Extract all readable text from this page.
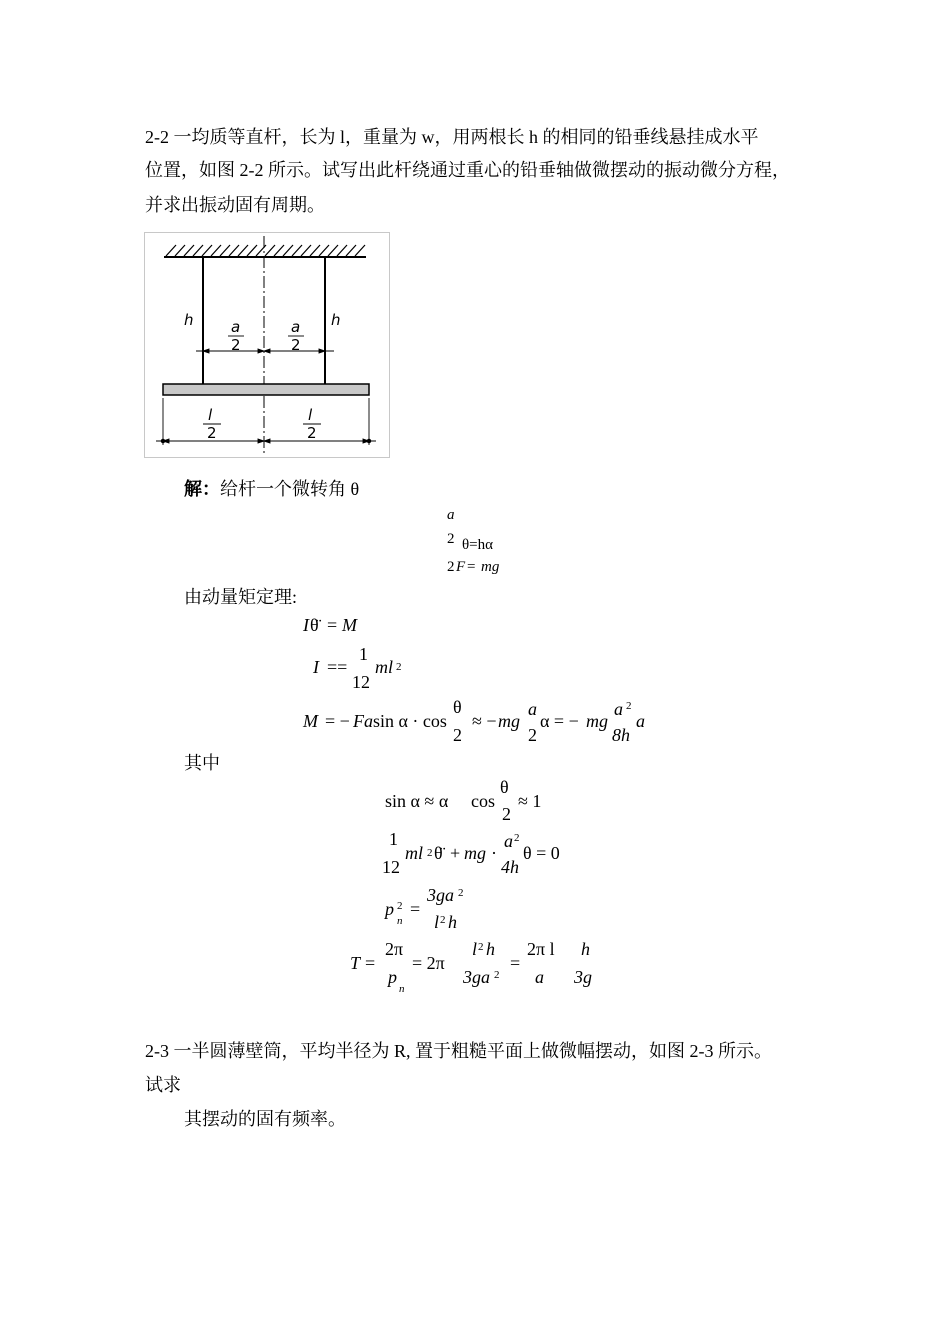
2-2 一均质等直杆，长为 l，重量为 w，用两根长 h 的相同的铅垂线悬挂成水平
位置，如图 2-2 所示。试写出此杆绕通过重心的铅垂轴做微摆动的振动微分方程，
并求出振动固有周期。
h	h
a	a
l	l
2	2
2	2
解： 给杆一个微转角 θ
a
2 θ=hα
2 F = mg
由动量矩定理:
I θ̈ = M
I ==
1
12
ml 2
M = − Fa sin α · cos
θ
2
≈ − mg
a
2
α = − mg
a 2
8h
a
其中
sin α ≈ α cos
θ
2
≈ 1
1
12
ml 2 θ̈ + mg ·
a 2
4h
θ = 0
p 2
n
=
3ga 2
l 2 h
T =
2π
p
n
= 2π
l 2 h
3ga 2
=
2π l
a
h
3g
2-3 一半圆薄壁筒，平均半径为 R, 置于粗糙平面上做微幅摆动，如图 2-3 所示。
试求
其摆动的固有频率。
